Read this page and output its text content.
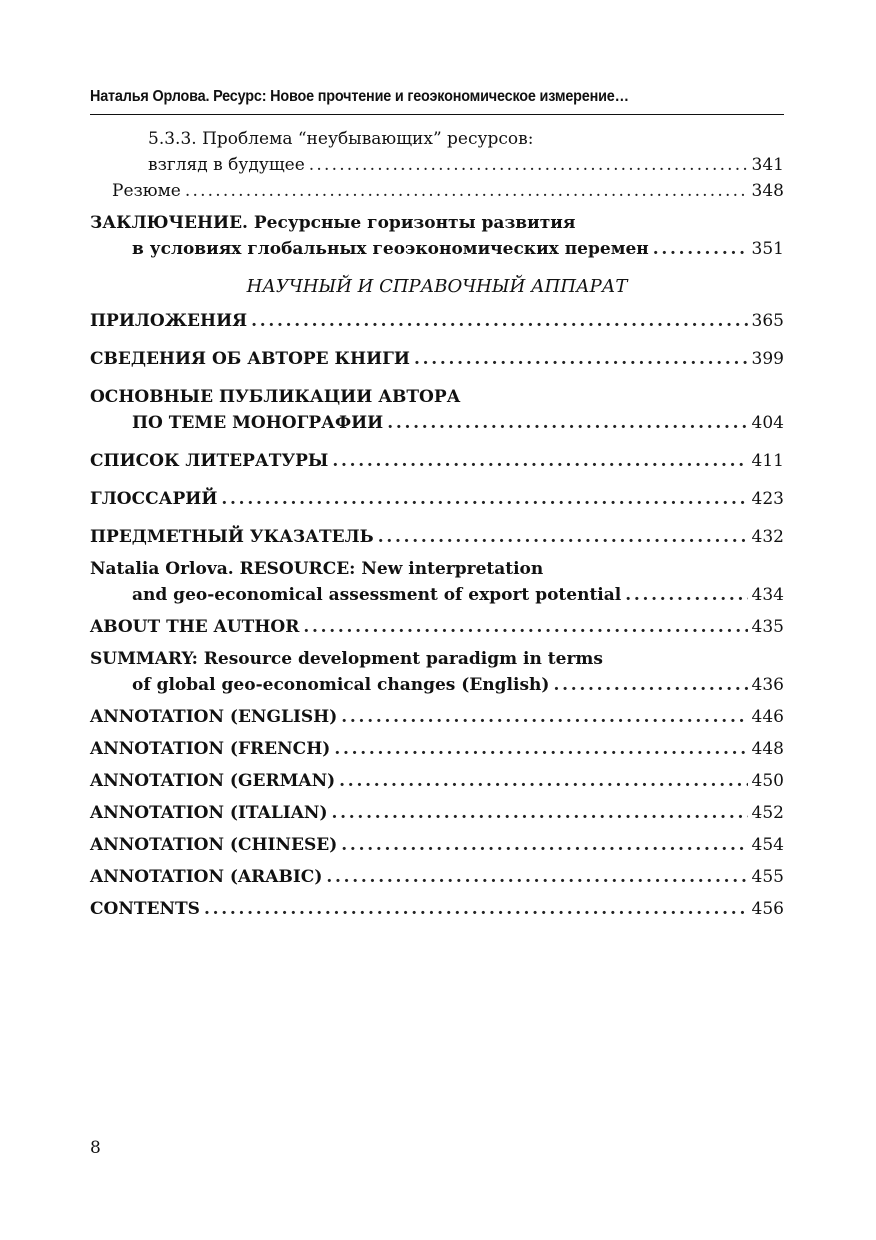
Наталья Орлова. Ресурс: Новое прочтение и геоэкономическое измерение…
5.3.3. Проблема “неубывающих” ресурсов:
взгляд в будущее . . .	341
Резюме . . .	348
ЗАКЛЮЧЕНИЕ. Ресурсные горизонты развития
в условиях глобальных геоэкономических перемен . . .	351
НАУЧНЫЙ И СПРАВОЧНЫЙ АППАРАТ
ПРИЛОЖЕНИЯ . . .	365
СВЕДЕНИЯ ОБ АВТОРЕ КНИГИ . . .	399
ОСНОВНЫЕ ПУБЛИКАЦИИ АВТОРА
ПО ТЕМЕ МОНОГРАФИИ . . .	404
СПИСОК ЛИТЕРАТУРЫ . . .	411
ГЛОССАРИЙ . . .	423
ПРЕДМЕТНЫЙ УКАЗАТЕЛЬ . . .	432
Natalia Orlova. RESOURCE: New interpretation
and geo-economical assessment of export potential . . .	434
ABOUT THE AUTHOR . . .	435
SUMMARY: Resource development paradigm in terms
of global geo-economical changes (English) . . .	436
ANNOTATION (ENGLISH) . . .	446
ANNOTATION (FRENCH) . . .	448
ANNOTATION (GERMAN) . . .	450
ANNOTATION (ITALIAN) . . .	452
ANNOTATION (CHINESE) . . .	454
ANNOTATION (ARABIC) . . .	455
CONTENTS . . .	456
8
